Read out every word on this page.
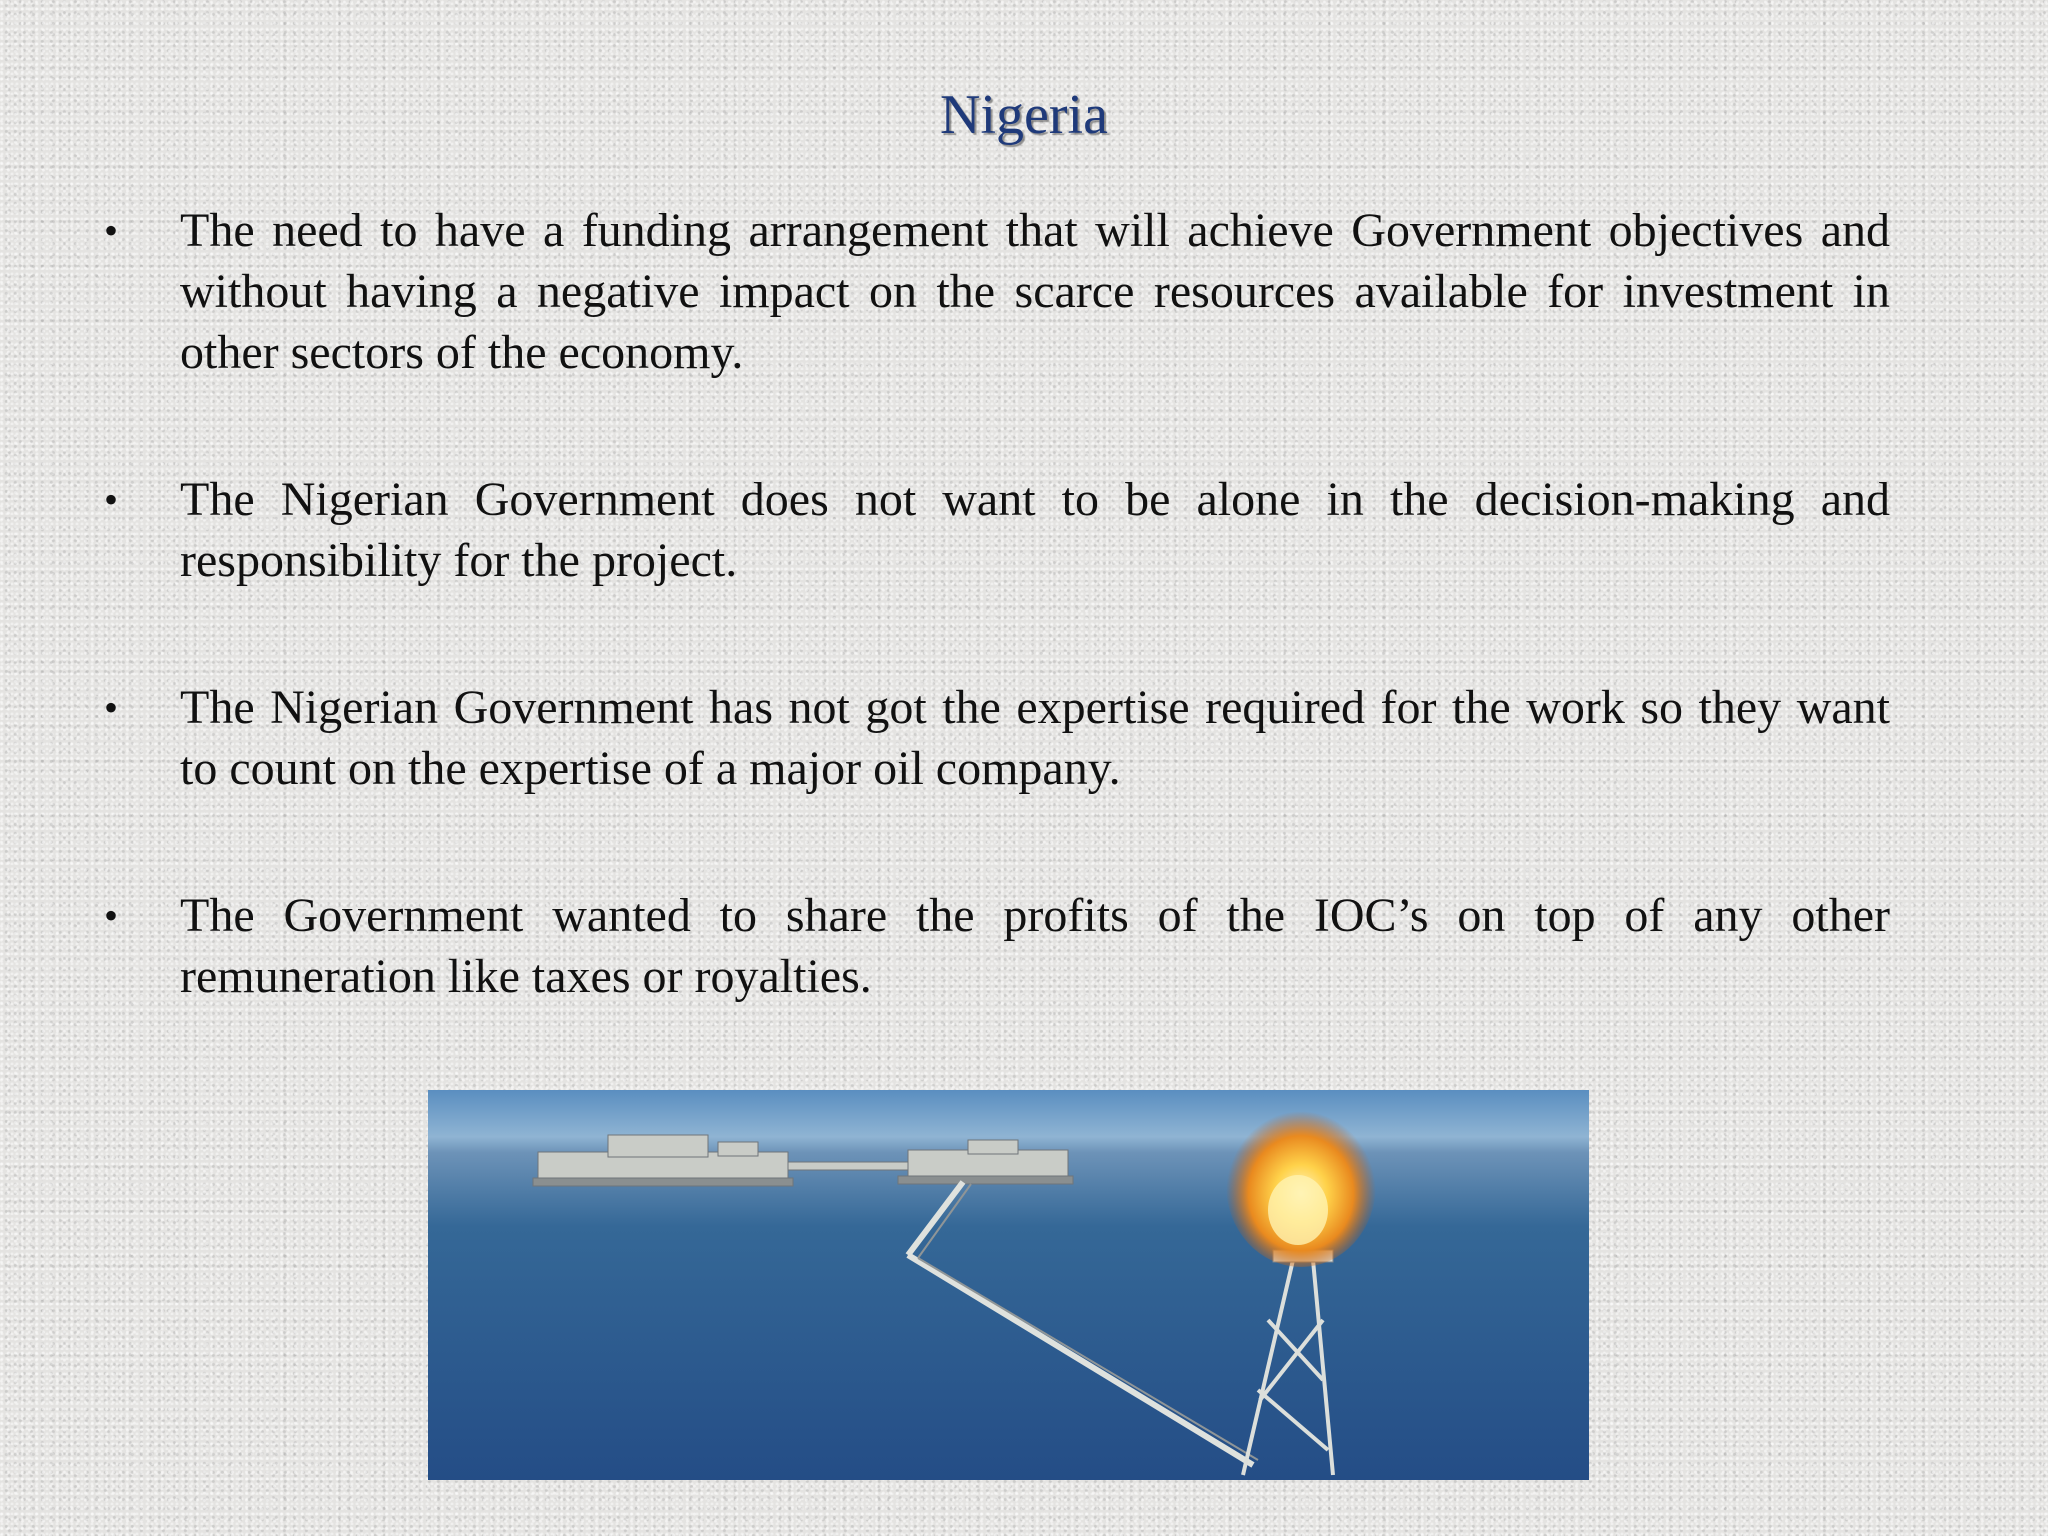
Nigeria
• The need to have a funding arrangement that will achieve Government objectives and without having a negative impact on the scarce resources available for investment in other sectors of the economy.
• The Nigerian Government does not want to be alone in the decision-making and responsibility for the project.
• The Nigerian Government has not got the expertise required for the work so they want to count on the expertise of a major oil company.
• The Government wanted to share the profits of the IOC’s on top of any other remuneration like taxes or royalties.
